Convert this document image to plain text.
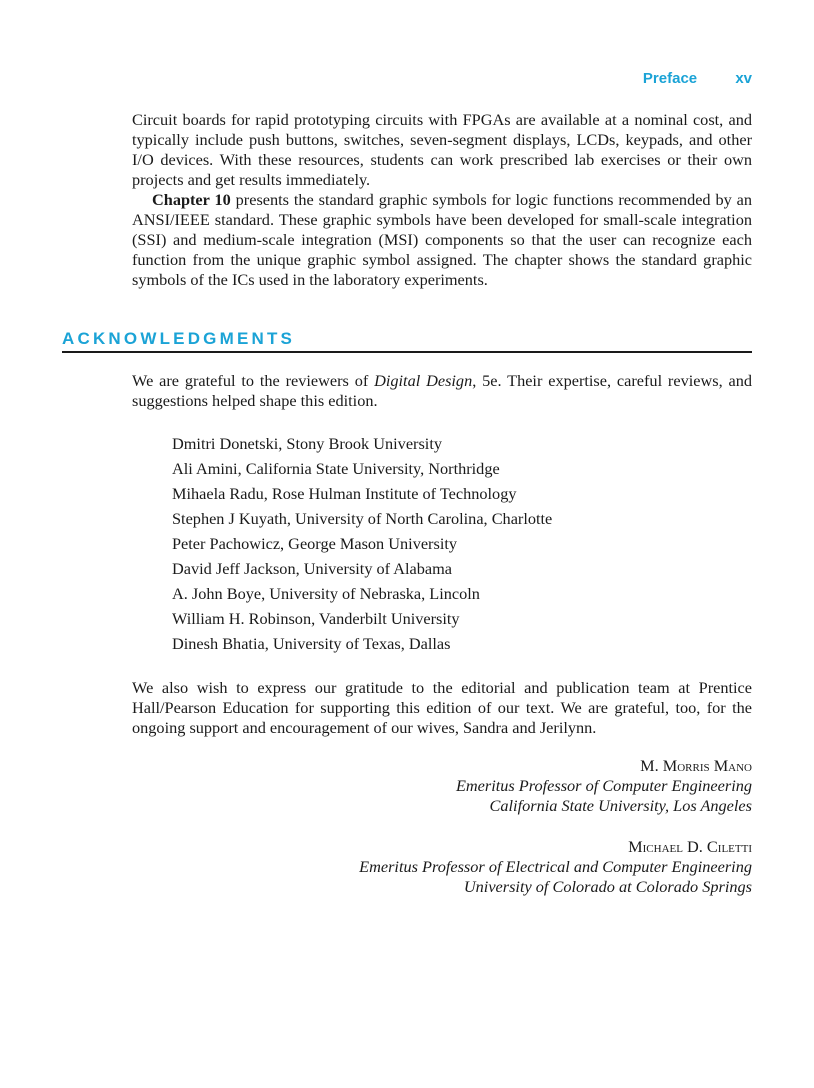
Preface	xv

Circuit boards for rapid prototyping circuits with FPGAs are available at a nominal cost, and typically include push buttons, switches, seven-segment displays, LCDs, keypads, and other I/O devices. With these resources, students can work prescribed lab exercises or their own projects and get results immediately.

Chapter 10 presents the standard graphic symbols for logic functions recommended by an ANSI/IEEE standard. These graphic symbols have been developed for small-scale integration (SSI) and medium-scale integration (MSI) components so that the user can recognize each function from the unique graphic symbol assigned. The chapter shows the standard graphic symbols of the ICs used in the laboratory experiments.

ACKNOWLEDGMENTS

We are grateful to the reviewers of Digital Design, 5e. Their expertise, careful reviews, and suggestions helped shape this edition.

Dmitri Donetski, Stony Brook University
Ali Amini, California State University, Northridge
Mihaela Radu, Rose Hulman Institute of Technology
Stephen J Kuyath, University of North Carolina, Charlotte
Peter Pachowicz, George Mason University
David Jeff Jackson, University of Alabama
A. John Boye, University of Nebraska, Lincoln
William H. Robinson, Vanderbilt University
Dinesh Bhatia, University of Texas, Dallas

We also wish to express our gratitude to the editorial and publication team at Prentice Hall/Pearson Education for supporting this edition of our text. We are grateful, too, for the ongoing support and encouragement of our wives, Sandra and Jerilynn.

M. Morris Mano
Emeritus Professor of Computer Engineering
California State University, Los Angeles
Michael D. Ciletti
Emeritus Professor of Electrical and Computer Engineering
University of Colorado at Colorado Springs
